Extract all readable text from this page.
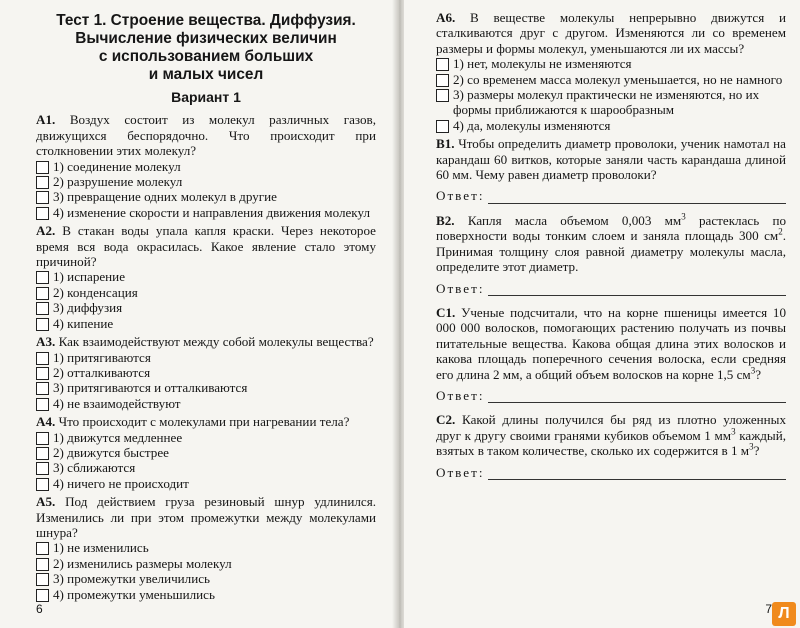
Тест 1. Строение вещества. Диффузия.
Вычисление физических величин
с использованием больших
и малых чисел
Вариант 1

A1. Воздух состоит из молекул различных газов, движущихся беспорядочно. Что происходит при столкновении этих молекул?

1) соединение молекул
2) разрушение молекул
3) превращение одних молекул в другие
4) изменение скорости и направления движения молекул

A2. В стакан воды упала капля краски. Через некоторое время вся вода окрасилась. Какое явление стало этому причиной?

1) испарение
2) конденсация
3) диффузия
4) кипение

A3. Как взаимодействуют между собой молекулы вещества?

1) притягиваются
2) отталкиваются
3) притягиваются и отталкиваются
4) не взаимодействуют

A4. Что происходит с молекулами при нагревании тела?

1) движутся медленнее
2) движутся быстрее
3) сближаются
4) ничего не происходит

A5. Под действием груза резиновый шнур удлинился. Изменились ли при этом промежутки между молекулами шнура?

1) не изменились
2) изменились размеры молекул
3) промежутки увеличились
4) промежутки уменьшились
6

A6. В веществе молекулы непрерывно движутся и сталкиваются друг с другом. Изменяются ли со временем размеры и формы молекул, уменьшаются ли их массы?

1) нет, молекулы не изменяются
2) со временем масса молекул уменьшается, но не намного
3) размеры молекул практически не изменяются, но их формы приближаются к шарообразным
4) да, молекулы изменяются

B1. Чтобы определить диаметр проволоки, ученик намотал на карандаш 60 витков, которые заняли часть карандаша длиной 60 мм. Чему равен диаметр проволоки?

Ответ:

B2. Капля масла объемом 0,003 $мм^3$ растеклась по поверхности воды тонким слоем и заняла площадь 300 $см^2$. Принимая толщину слоя равной диаметру молекулы масла, определите этот диаметр.

Ответ:

C1. Ученые подсчитали, что на корне пшеницы имеется 10 000 000 волосков, помогающих растению получать из почвы питательные вещества. Какова общая длина этих волосков и какова площадь поперечного сечения волоска, если средняя его длина 2 мм, а общий объем волосков на корне 1,5 $см^3$?

Ответ:

C2. Какой длины получился бы ряд из плотно уложенных друг к другу своими гранями кубиков объемом 1 $мм^3$ каждый, взятых в таком количестве, сколько их содержится в 1 $м^3$?

Ответ:
7 Л
